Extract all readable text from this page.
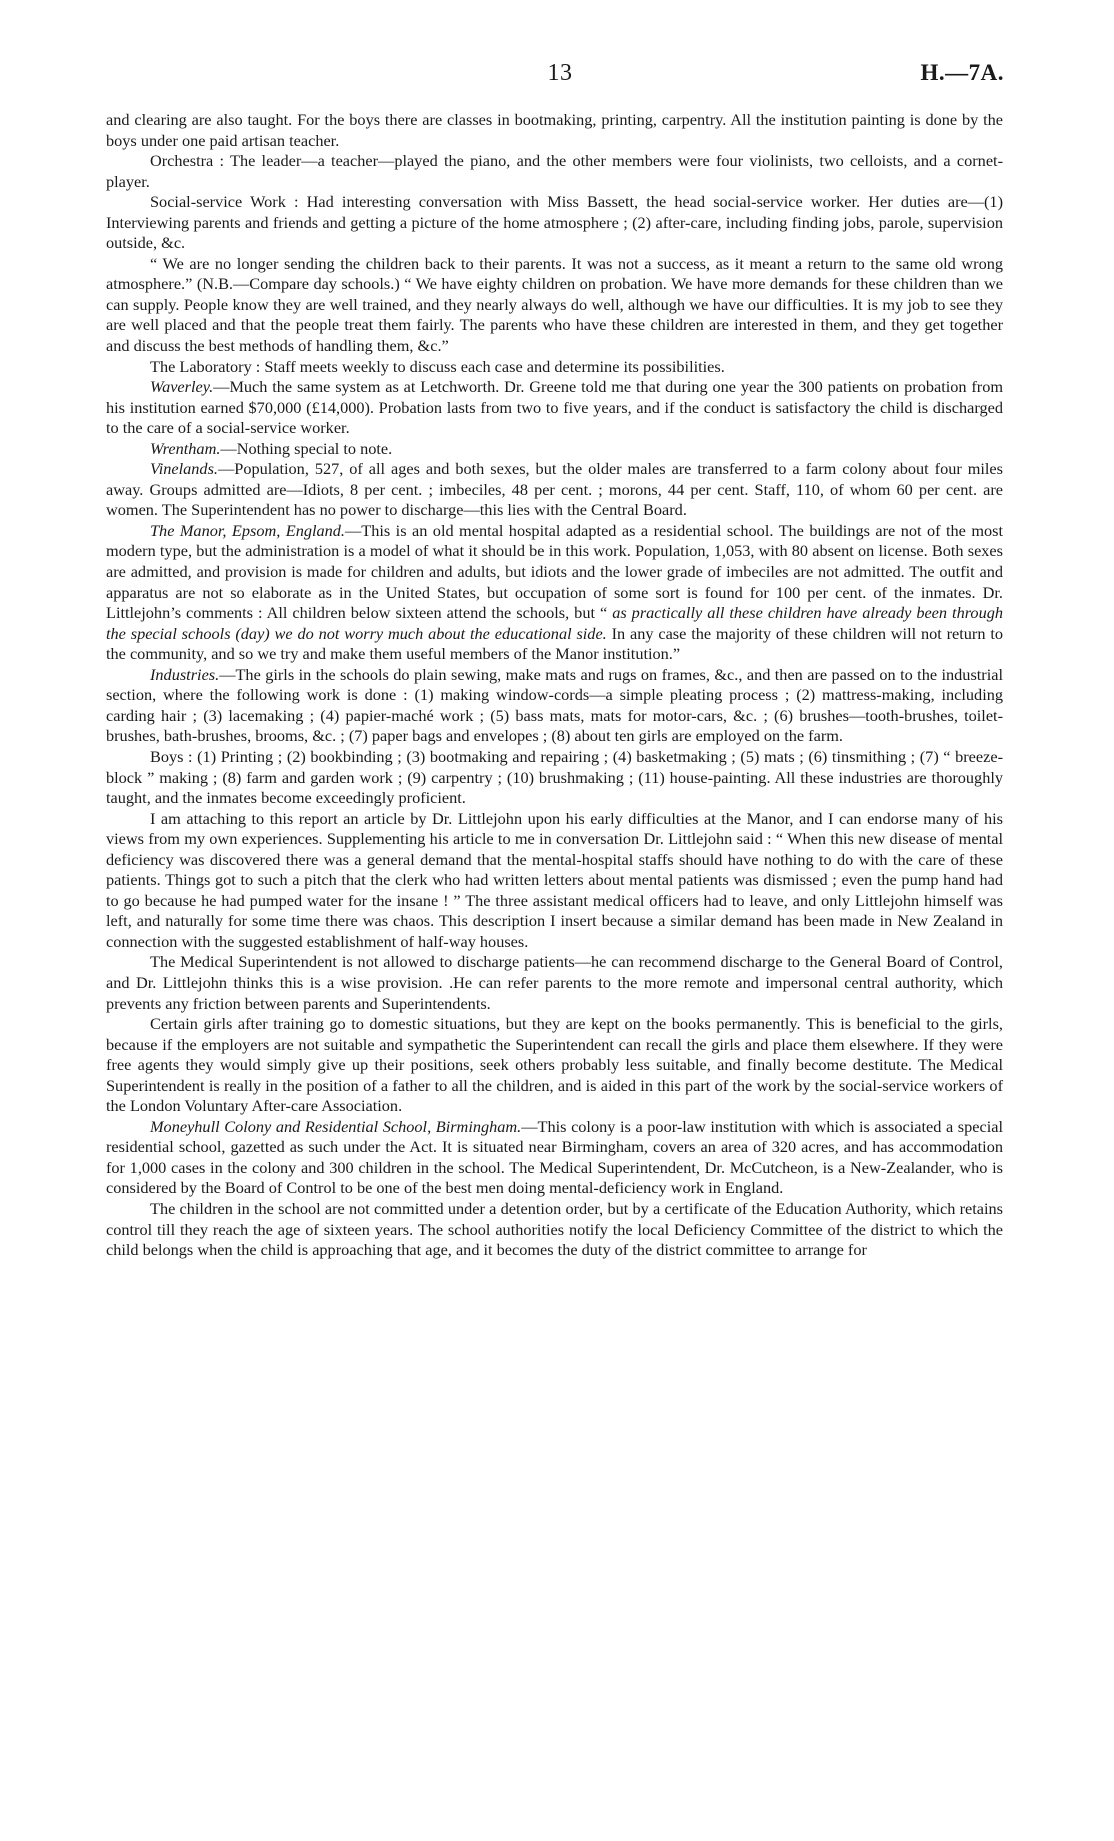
13	H.—7A.

and clearing are also taught. For the boys there are classes in bootmaking, printing, carpentry. All the institution painting is done by the boys under one paid artisan teacher.

Orchestra : The leader—a teacher—played the piano, and the other members were four violinists, two celloists, and a cornet-player.

Social-service Work : Had interesting conversation with Miss Bassett, the head social-service worker. Her duties are—(1) Interviewing parents and friends and getting a picture of the home atmosphere ; (2) after-care, including finding jobs, parole, supervision outside, &c.

“ We are no longer sending the children back to their parents. It was not a success, as it meant a return to the same old wrong atmosphere.” (N.B.—Compare day schools.) “ We have eighty children on probation. We have more demands for these children than we can supply. People know they are well trained, and they nearly always do well, although we have our difficulties. It is my job to see they are well placed and that the people treat them fairly. The parents who have these children are interested in them, and they get together and discuss the best methods of handling them, &c.”

The Laboratory : Staff meets weekly to discuss each case and determine its possibilities.

Waverley.—Much the same system as at Letchworth. Dr. Greene told me that during one year the 300 patients on probation from his institution earned $70,000 (£14,000). Probation lasts from two to five years, and if the conduct is satisfactory the child is discharged to the care of a social-service worker.

Wrentham.—Nothing special to note.

Vinelands.—Population, 527, of all ages and both sexes, but the older males are transferred to a farm colony about four miles away. Groups admitted are—Idiots, 8 per cent. ; imbeciles, 48 per cent. ; morons, 44 per cent. Staff, 110, of whom 60 per cent. are women. The Superintendent has no power to discharge—this lies with the Central Board.

The Manor, Epsom, England.—This is an old mental hospital adapted as a residential school. The buildings are not of the most modern type, but the administration is a model of what it should be in this work. Population, 1,053, with 80 absent on license. Both sexes are admitted, and provision is made for children and adults, but idiots and the lower grade of imbeciles are not admitted. The outfit and apparatus are not so elaborate as in the United States, but occupation of some sort is found for 100 per cent. of the inmates. Dr. Littlejohn’s comments : All children below sixteen attend the schools, but “ as practically all these children have already been through the special schools (day) we do not worry much about the educational side. In any case the majority of these children will not return to the community, and so we try and make them useful members of the Manor institution.”

Industries.—The girls in the schools do plain sewing, make mats and rugs on frames, &c., and then are passed on to the industrial section, where the following work is done : (1) making window-cords—a simple pleating process ; (2) mattress-making, including carding hair ; (3) lacemaking ; (4) papier-maché work ; (5) bass mats, mats for motor-cars, &c. ; (6) brushes—tooth-brushes, toilet-brushes, bath-brushes, brooms, &c. ; (7) paper bags and envelopes ; (8) about ten girls are employed on the farm.

Boys : (1) Printing ; (2) bookbinding ; (3) bootmaking and repairing ; (4) basketmaking ; (5) mats ; (6) tinsmithing ; (7) “ breeze-block ” making ; (8) farm and garden work ; (9) carpentry ; (10) brushmaking ; (11) house-painting. All these industries are thoroughly taught, and the inmates become exceedingly proficient.

I am attaching to this report an article by Dr. Littlejohn upon his early difficulties at the Manor, and I can endorse many of his views from my own experiences. Supplementing his article to me in conversation Dr. Littlejohn said : “ When this new disease of mental deficiency was discovered there was a general demand that the mental-hospital staffs should have nothing to do with the care of these patients. Things got to such a pitch that the clerk who had written letters about mental patients was dismissed ; even the pump hand had to go because he had pumped water for the insane ! ” The three assistant medical officers had to leave, and only Littlejohn himself was left, and naturally for some time there was chaos. This description I insert because a similar demand has been made in New Zealand in connection with the suggested establishment of half-way houses.

The Medical Superintendent is not allowed to discharge patients—he can recommend discharge to the General Board of Control, and Dr. Littlejohn thinks this is a wise provision. .He can refer parents to the more remote and impersonal central authority, which prevents any friction between parents and Superintendents.

Certain girls after training go to domestic situations, but they are kept on the books permanently. This is beneficial to the girls, because if the employers are not suitable and sympathetic the Superintendent can recall the girls and place them elsewhere. If they were free agents they would simply give up their positions, seek others probably less suitable, and finally become destitute. The Medical Superintendent is really in the position of a father to all the children, and is aided in this part of the work by the social-service workers of the London Voluntary After-care Association.

Moneyhull Colony and Residential School, Birmingham.—This colony is a poor-law institution with which is associated a special residential school, gazetted as such under the Act. It is situated near Birmingham, covers an area of 320 acres, and has accommodation for 1,000 cases in the colony and 300 children in the school. The Medical Superintendent, Dr. McCutcheon, is a New-Zealander, who is considered by the Board of Control to be one of the best men doing mental-deficiency work in England.

The children in the school are not committed under a detention order, but by a certificate of the Education Authority, which retains control till they reach the age of sixteen years. The school authorities notify the local Deficiency Committee of the district to which the child belongs when the child is approaching that age, and it becomes the duty of the district committee to arrange for
